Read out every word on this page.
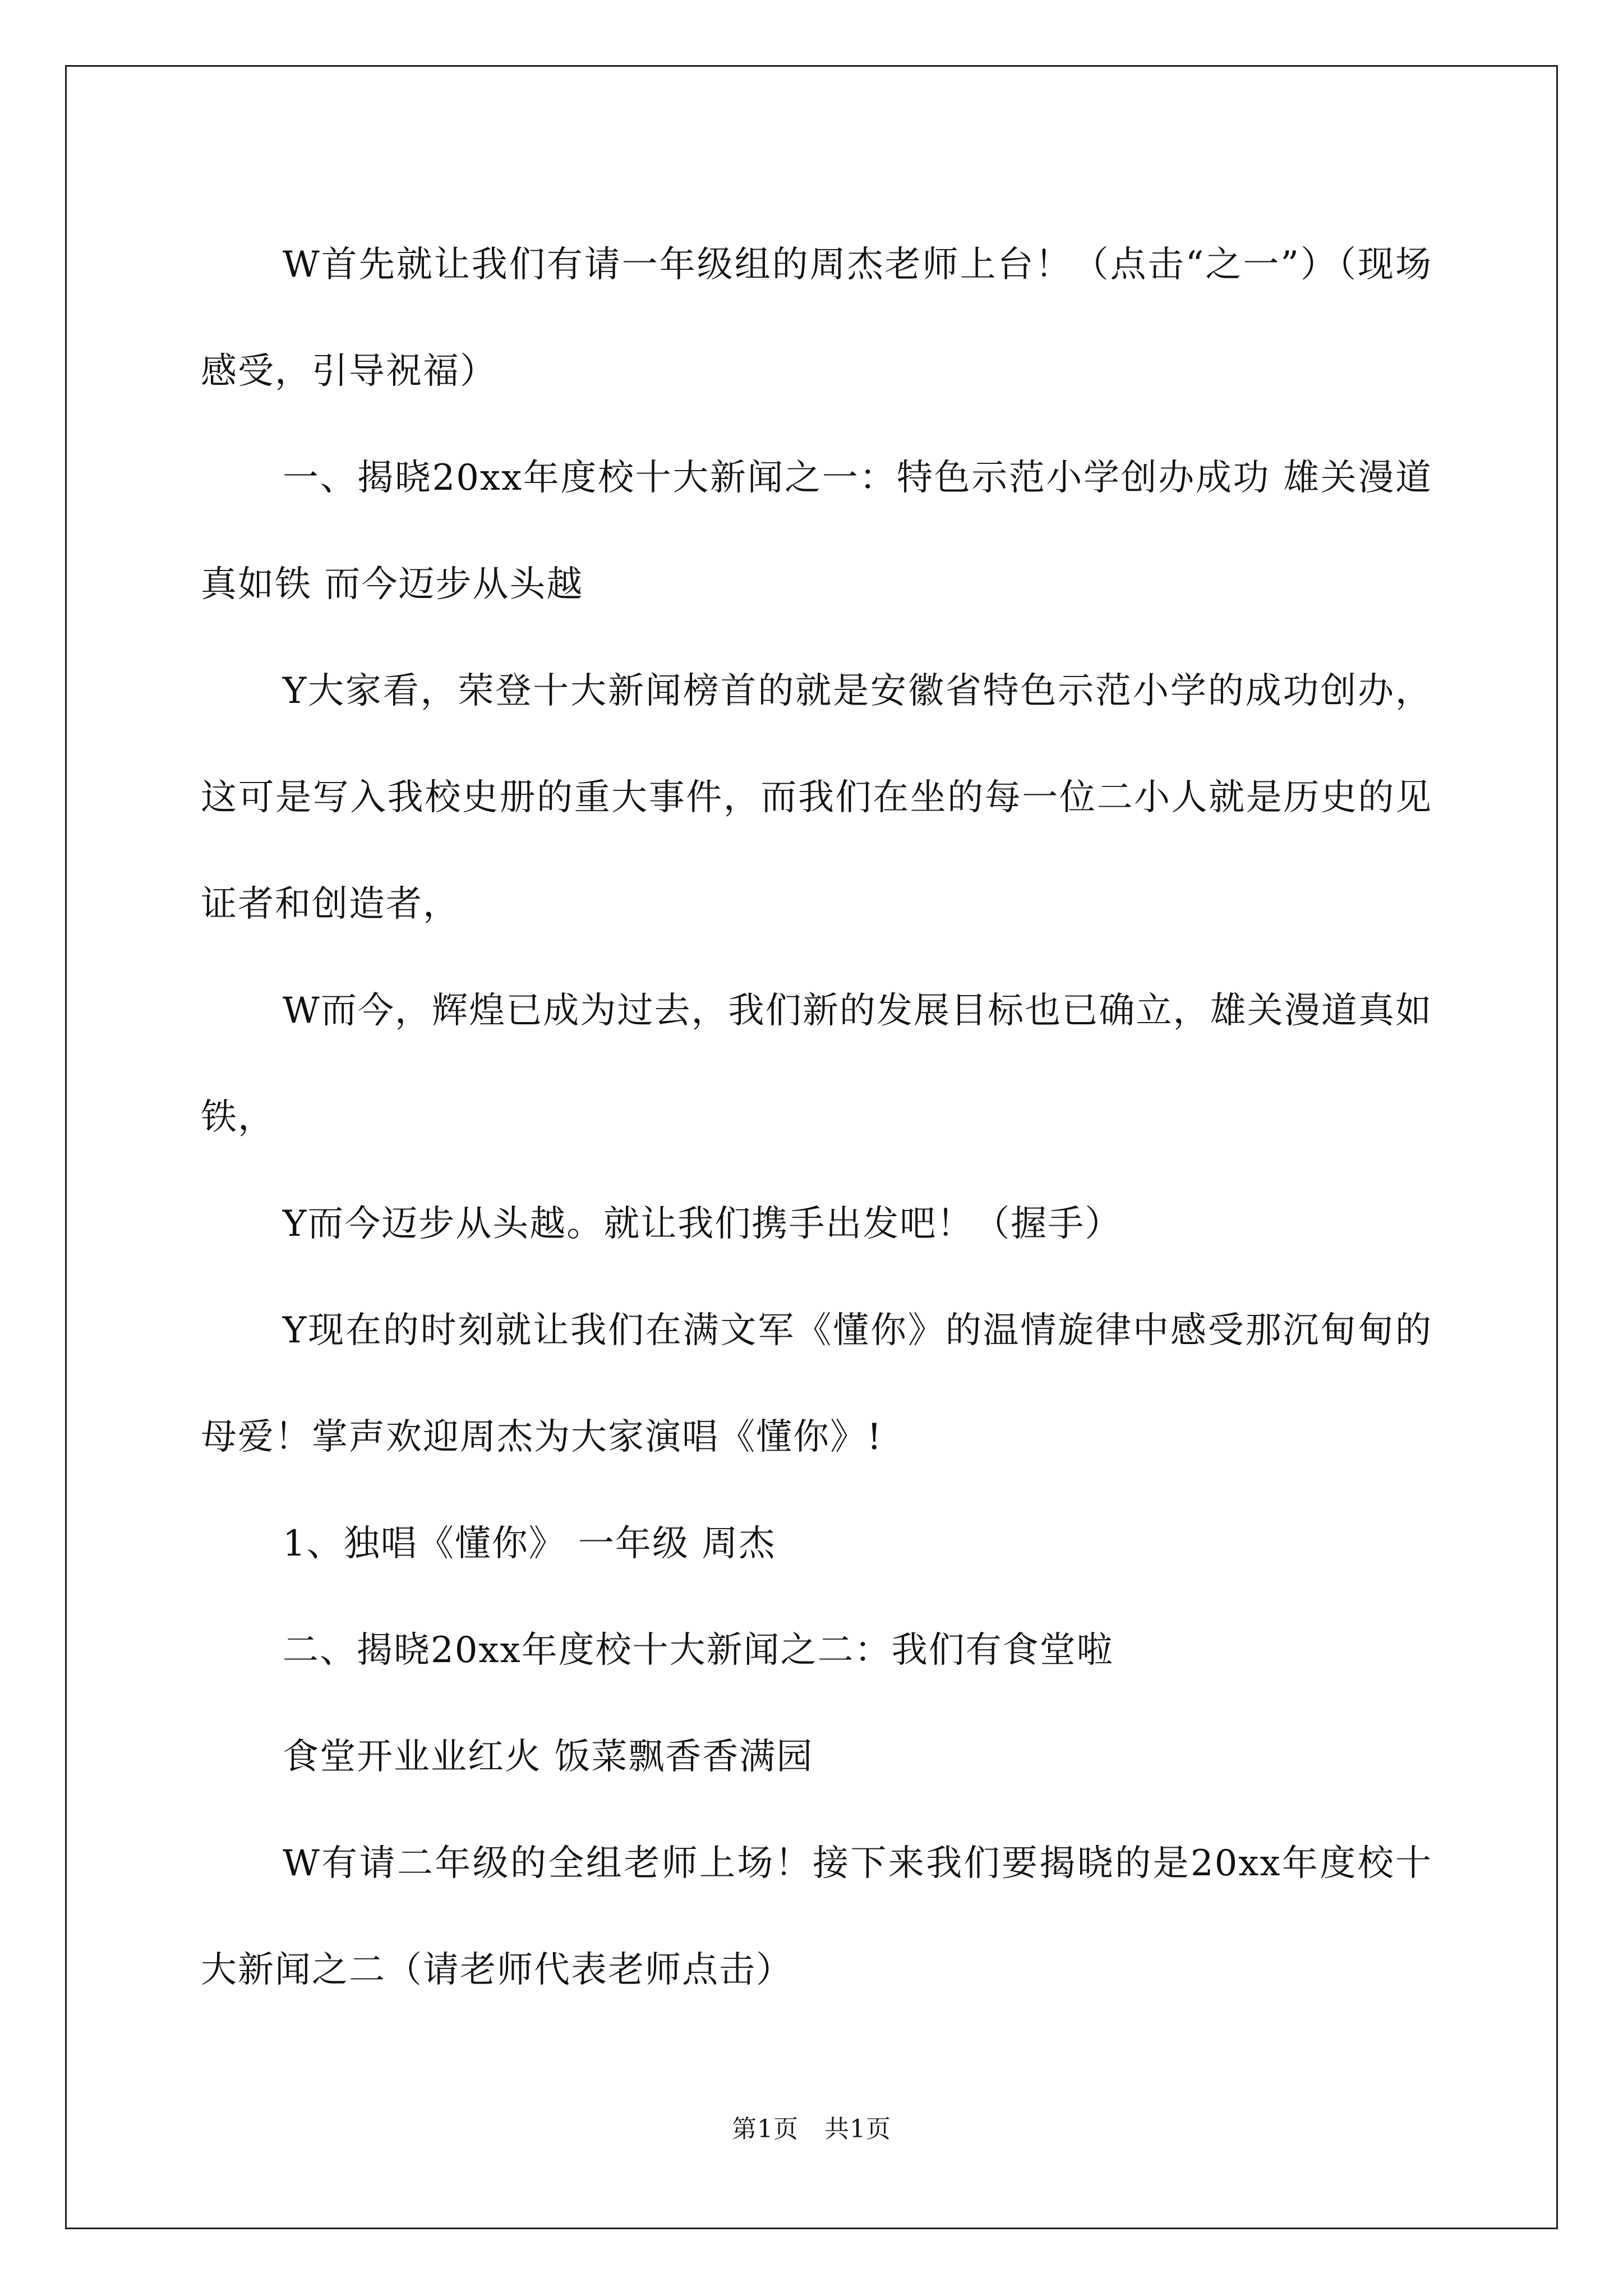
W首先就让我们有请一年级组的周杰老师上台！（点击“之一”）（现场感受，引导祝福）

一、揭晓20xx年度校十大新闻之一：特色示范小学创办成功 雄关漫道真如铁 而今迈步从头越

Y大家看，荣登十大新闻榜首的就是安徽省特色示范小学的成功创办，这可是写入我校史册的重大事件，而我们在坐的每一位二小人就是历史的见证者和创造者，

W而今，辉煌已成为过去，我们新的发展目标也已确立，雄关漫道真如铁，

Y而今迈步从头越。就让我们携手出发吧！（握手）

Y现在的时刻就让我们在满文军《懂你》的温情旋律中感受那沉甸甸的母爱！掌声欢迎周杰为大家演唱《懂你》!

1、独唱《懂你》 一年级 周杰

二、揭晓20xx年度校十大新闻之二：我们有食堂啦

食堂开业业红火 饭菜飘香香满园

W有请二年级的全组老师上场！接下来我们要揭晓的是20xx年度校十大新闻之二（请老师代表老师点击）

第1页 共1页
